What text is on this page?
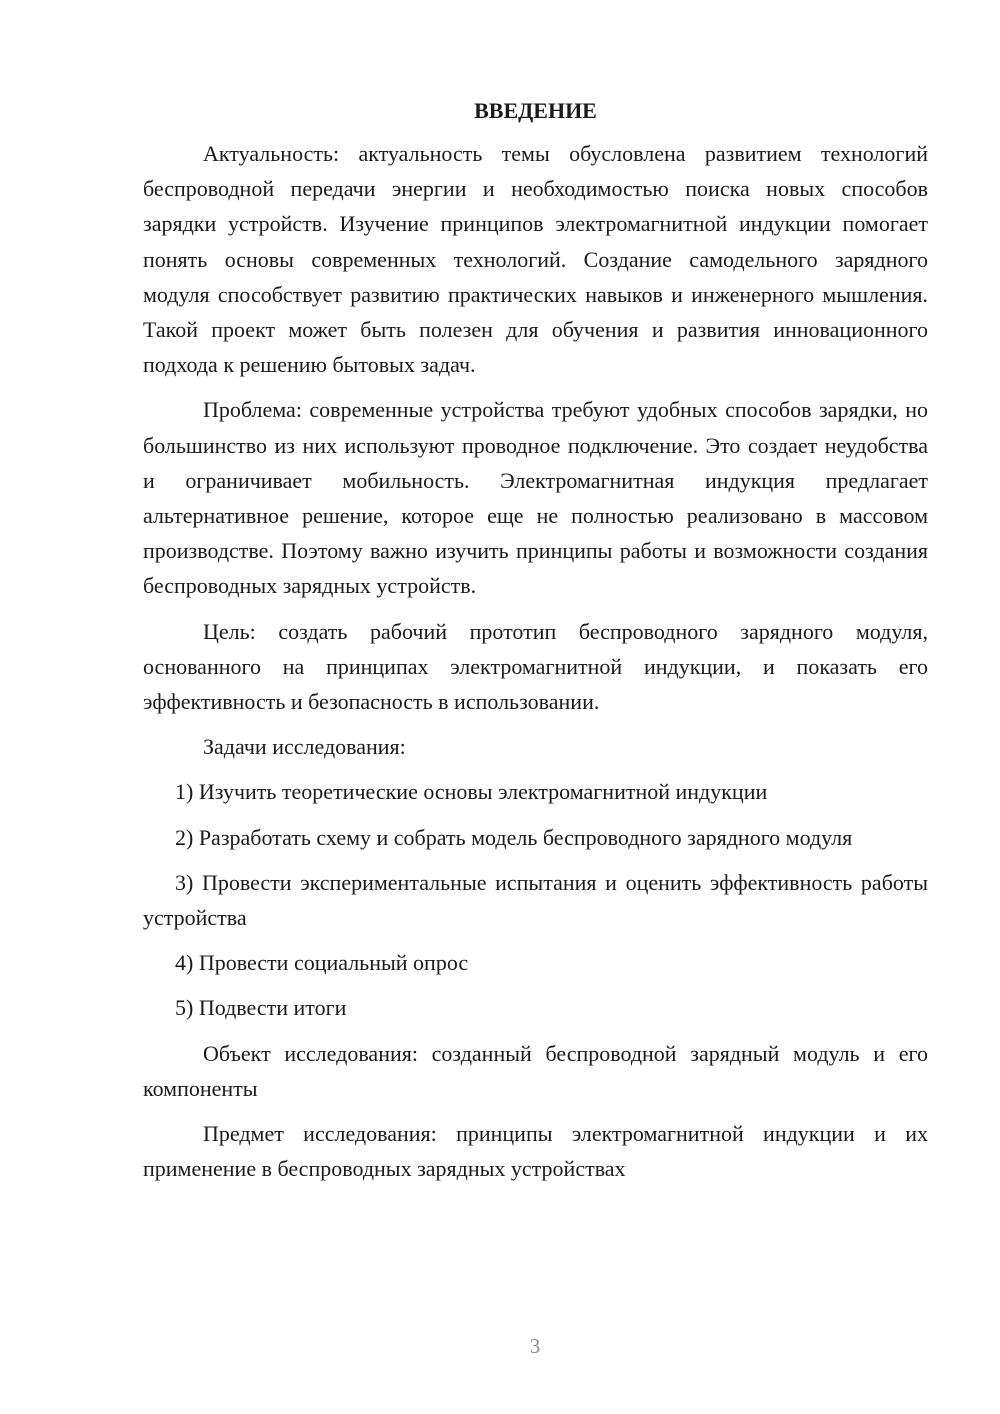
ВВЕДЕНИЕ

Актуальность: актуальность темы обусловлена развитием технологий беспроводной передачи энергии и необходимостью поиска новых способов зарядки устройств. Изучение принципов электромагнитной индукции помогает понять основы современных технологий. Создание самодельного зарядного модуля способствует развитию практических навыков и инженерного мышления. Такой проект может быть полезен для обучения и развития инновационного подхода к решению бытовых задач.

Проблема: современные устройства требуют удобных способов зарядки, но большинство из них используют проводное подключение. Это создает неудобства и ограничивает мобильность. Электромагнитная индукция предлагает альтернативное решение, которое еще не полностью реализовано в массовом производстве. Поэтому важно изучить принципы работы и возможности создания беспроводных зарядных устройств.

Цель: создать рабочий прототип беспроводного зарядного модуля, основанного на принципах электромагнитной индукции, и показать его эффективность и безопасность в использовании.

Задачи исследования:

1) Изучить теоретические основы электромагнитной индукции

2) Разработать схему и собрать модель беспроводного зарядного модуля

3) Провести экспериментальные испытания и оценить эффективность работы устройства

4) Провести социальный опрос

5) Подвести итоги

Объект исследования: созданный беспроводной зарядный модуль и его компоненты

Предмет исследования: принципы электромагнитной индукции и их применение в беспроводных зарядных устройствах

3
